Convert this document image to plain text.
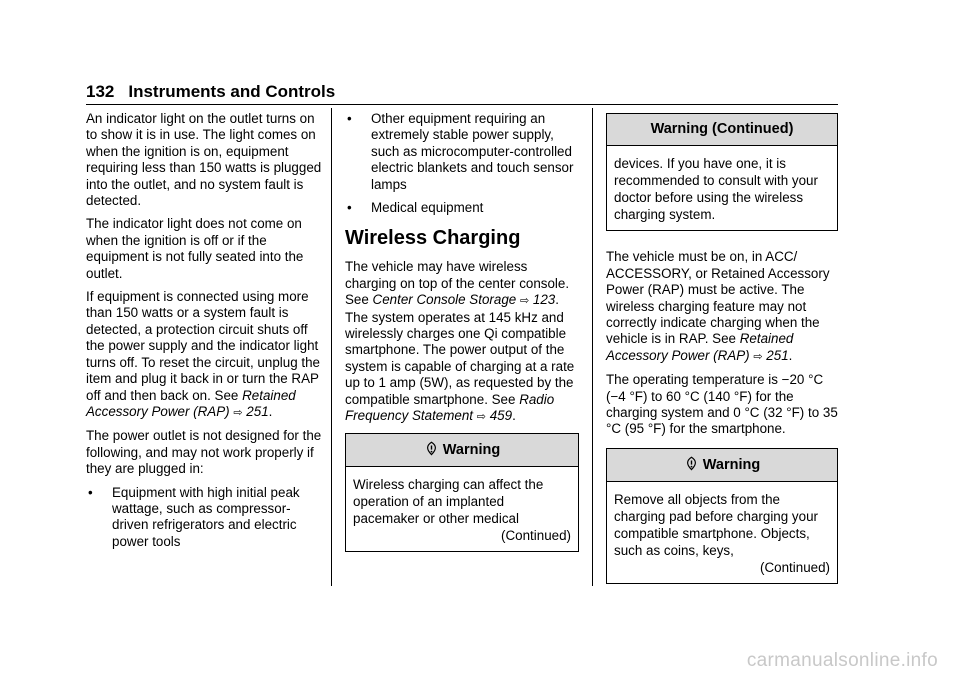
132 Instruments and Controls

An indicator light on the outlet turns on to show it is in use. The light comes on when the ignition is on, equipment requiring less than 150 watts is plugged into the outlet, and no system fault is detected.

The indicator light does not come on when the ignition is off or if the equipment is not fully seated into the outlet.

If equipment is connected using more than 150 watts or a system fault is detected, a protection circuit shuts off the power supply and the indicator light turns off. To reset the circuit, unplug the item and plug it back in or turn the RAP off and then back on. See Retained Accessory Power (RAP) ⇨ 251.

The power outlet is not designed for the following, and may not work properly if they are plugged in:

•	Equipment with high initial peak wattage, such as compressor-driven refrigerators and electric power tools
•	Other equipment requiring an extremely stable power supply, such as microcomputer-controlled electric blankets and touch sensor lamps
•	Medical equipment
Wireless Charging

The vehicle may have wireless charging on top of the center console. See Center Console Storage ⇨ 123. The system operates at 145 kHz and wirelessly charges one Qi compatible smartphone. The power output of the system is capable of charging at a rate up to 1 amp (5W), as requested by the compatible smartphone. See Radio Frequency Statement ⇨ 459.

Warning
Wireless charging can affect the operation of an implanted pacemaker or other medical
(Continued)
Warning (Continued)
devices. If you have one, it is recommended to consult with your doctor before using the wireless charging system.

The vehicle must be on, in ACC/ ACCESSORY, or Retained Accessory Power (RAP) must be active. The wireless charging feature may not correctly indicate charging when the vehicle is in RAP. See Retained Accessory Power (RAP) ⇨ 251.

The operating temperature is −20 °C (−4 °F) to 60 °C (140 °F) for the charging system and 0 °C (32 °F) to 35 °C (95 °F) for the smartphone.

Warning
Remove all objects from the charging pad before charging your compatible smartphone. Objects, such as coins, keys,
(Continued)
carmanualsonline.info
